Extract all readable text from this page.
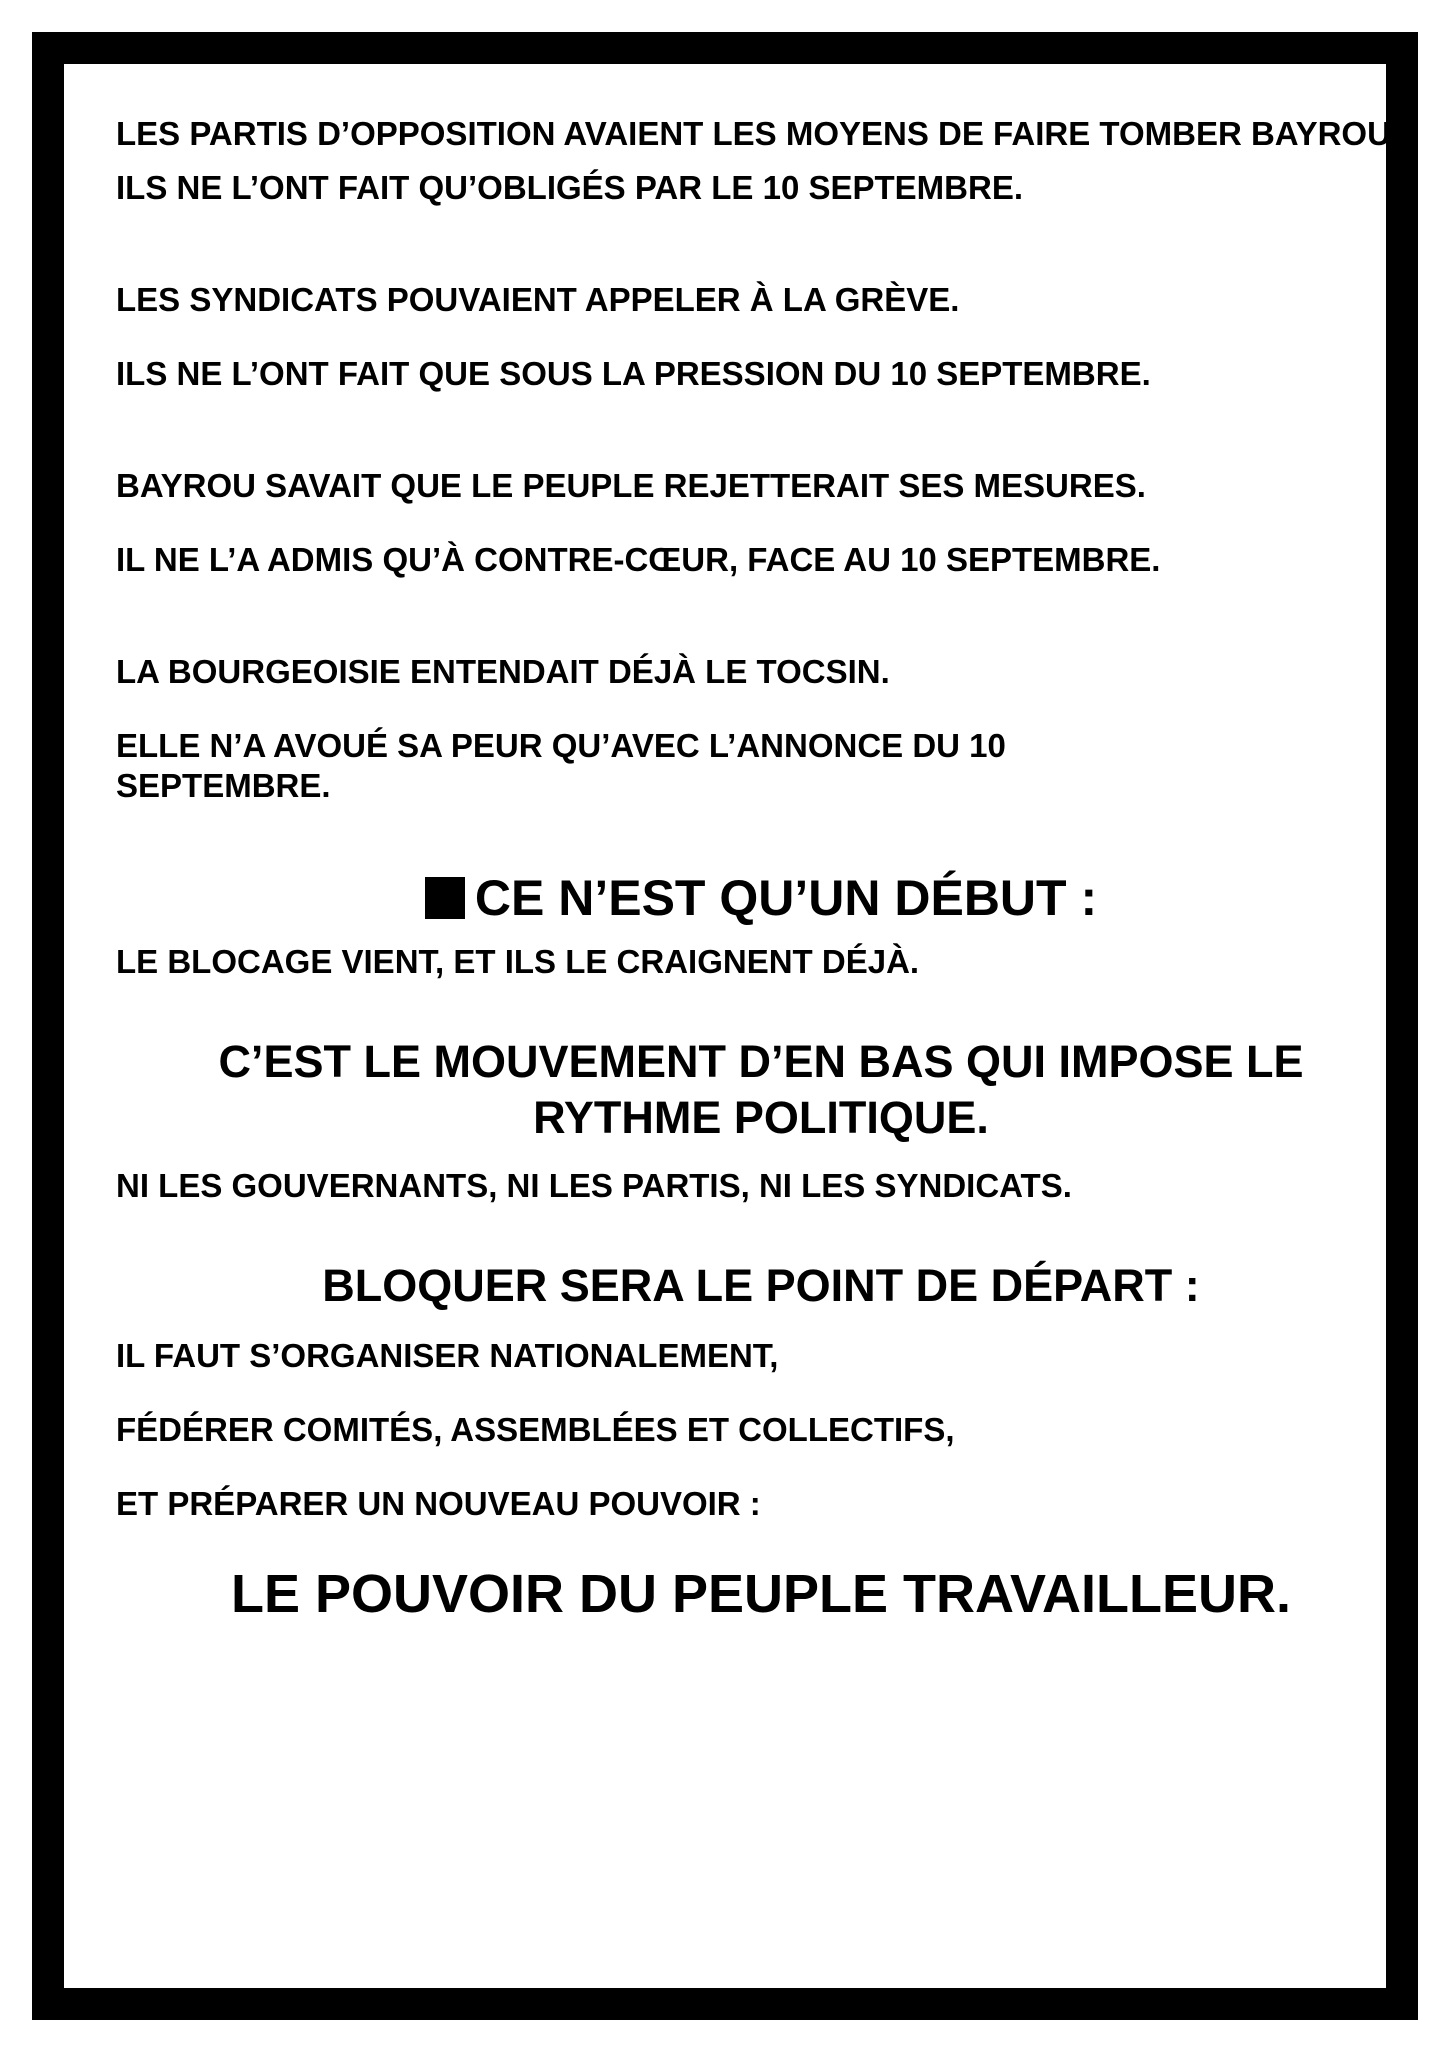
LES PARTIS D’OPPOSITION AVAIENT LES MOYENS DE FAIRE TOMBER BAYROU.

ILS NE L’ONT FAIT QU’OBLIGÉS PAR LE 10 SEPTEMBRE.

LES SYNDICATS POUVAIENT APPELER À LA GRÈVE.

ILS NE L’ONT FAIT QUE SOUS LA PRESSION DU 10 SEPTEMBRE.

BAYROU SAVAIT QUE LE PEUPLE REJETTERAIT SES MESURES.

IL NE L’A ADMIS QU’À CONTRE-CŒUR, FACE AU 10 SEPTEMBRE.

LA BOURGEOISIE ENTENDAIT DÉJÀ LE TOCSIN.

ELLE N’A AVOUÉ SA PEUR QU’AVEC L’ANNONCE DU 10 SEPTEMBRE.

CE N’EST QU’UN DÉBUT :

LE BLOCAGE VIENT, ET ILS LE CRAIGNENT DÉJÀ.

C’EST LE MOUVEMENT D’EN BAS QUI IMPOSE LE RYTHME POLITIQUE.

NI LES GOUVERNANTS, NI LES PARTIS, NI LES SYNDICATS.

BLOQUER SERA LE POINT DE DÉPART :

IL FAUT S’ORGANISER NATIONALEMENT,

FÉDÉRER COMITÉS, ASSEMBLÉES ET COLLECTIFS,

ET PRÉPARER UN NOUVEAU POUVOIR :

LE POUVOIR DU PEUPLE TRAVAILLEUR.
